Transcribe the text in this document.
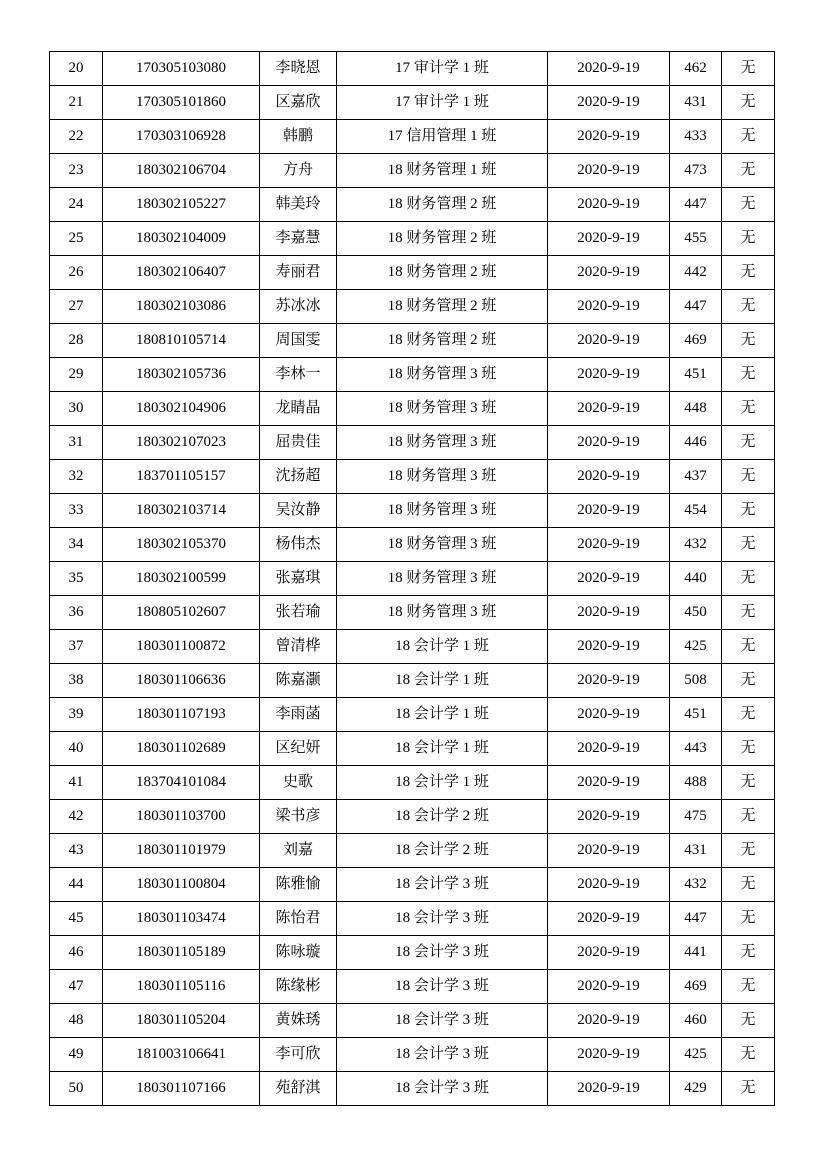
20	170305103080	李晓恩	17 审计学 1 班	2020-9-19	462	无
21	170305101860	区嘉欣	17 审计学 1 班	2020-9-19	431	无
22	170303106928	韩鹏	17 信用管理 1 班	2020-9-19	433	无
23	180302106704	方舟	18 财务管理 1 班	2020-9-19	473	无
24	180302105227	韩美玲	18 财务管理 2 班	2020-9-19	447	无
25	180302104009	李嘉慧	18 财务管理 2 班	2020-9-19	455	无
26	180302106407	寿丽君	18 财务管理 2 班	2020-9-19	442	无
27	180302103086	苏冰冰	18 财务管理 2 班	2020-9-19	447	无
28	180810105714	周国雯	18 财务管理 2 班	2020-9-19	469	无
29	180302105736	李林一	18 财务管理 3 班	2020-9-19	451	无
30	180302104906	龙睛晶	18 财务管理 3 班	2020-9-19	448	无
31	180302107023	屈贵佳	18 财务管理 3 班	2020-9-19	446	无
32	183701105157	沈扬超	18 财务管理 3 班	2020-9-19	437	无
33	180302103714	吴汝静	18 财务管理 3 班	2020-9-19	454	无
34	180302105370	杨伟杰	18 财务管理 3 班	2020-9-19	432	无
35	180302100599	张嘉琪	18 财务管理 3 班	2020-9-19	440	无
36	180805102607	张若瑜	18 财务管理 3 班	2020-9-19	450	无
37	180301100872	曾清桦	18 会计学 1 班	2020-9-19	425	无
38	180301106636	陈嘉灏	18 会计学 1 班	2020-9-19	508	无
39	180301107193	李雨菡	18 会计学 1 班	2020-9-19	451	无
40	180301102689	区纪妍	18 会计学 1 班	2020-9-19	443	无
41	183704101084	史歌	18 会计学 1 班	2020-9-19	488	无
42	180301103700	梁书彦	18 会计学 2 班	2020-9-19	475	无
43	180301101979	刘嘉	18 会计学 2 班	2020-9-19	431	无
44	180301100804	陈雅愉	18 会计学 3 班	2020-9-19	432	无
45	180301103474	陈怡君	18 会计学 3 班	2020-9-19	447	无
46	180301105189	陈咏璇	18 会计学 3 班	2020-9-19	441	无
47	180301105116	陈缘彬	18 会计学 3 班	2020-9-19	469	无
48	180301105204	黄姝琇	18 会计学 3 班	2020-9-19	460	无
49	181003106641	李可欣	18 会计学 3 班	2020-9-19	425	无
50	180301107166	苑舒淇	18 会计学 3 班	2020-9-19	429	无
